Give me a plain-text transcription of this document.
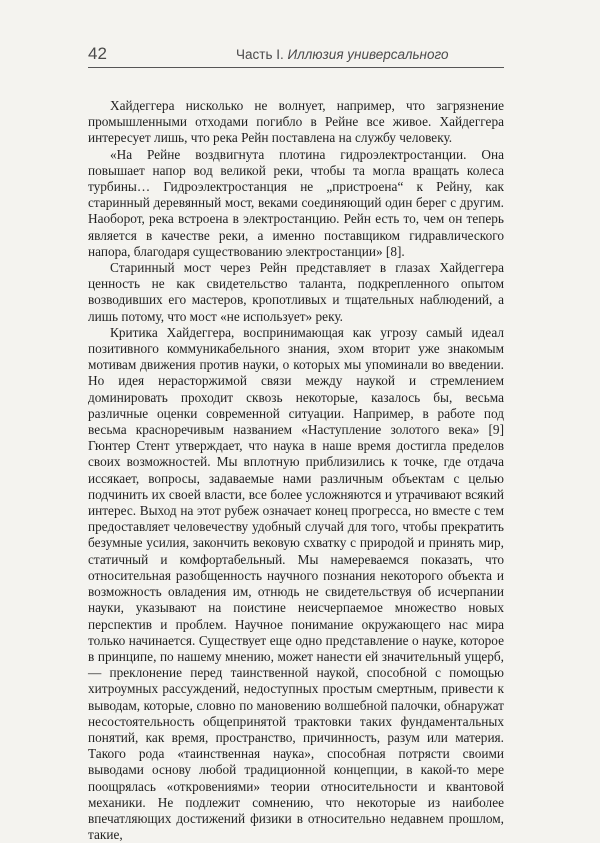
42	Часть I. Иллюзия универсального

Хайдеггера нисколько не волнует, например, что загрязнение промышленными отходами погибло в Рейне все живое. Хайдеггера интересует лишь, что река Рейн поставлена на службу человеку.

«На Рейне воздвигнута плотина гидроэлектростанции. Она повышает напор вод великой реки, чтобы та могла вращать колеса турбины… Гидроэлектростанция не „пристроена“ к Рейну, как старинный деревянный мост, веками соединяющий один берег с другим. Наоборот, река встроена в электростанцию. Рейн есть то, чем он теперь является в качестве реки, а именно поставщиком гидравлического напора, благодаря существованию электростанции» [8].

Старинный мост через Рейн представляет в глазах Хайдеггера ценность не как свидетельство таланта, подкрепленного опытом возводивших его мастеров, кропотливых и тщательных наблюдений, а лишь потому, что мост «не использует» реку.

Критика Хайдеггера, воспринимающая как угрозу самый идеал позитивного коммуникабельного знания, эхом вторит уже знакомым мотивам движения против науки, о которых мы упоминали во введении. Но идея нерасторжимой связи между наукой и стремлением доминировать проходит сквозь некоторые, казалось бы, весьма различные оценки современной ситуации. Например, в работе под весьма красноречивым названием «Наступление золотого века» [9] Гюнтер Стент утверждает, что наука в наше время достигла пределов своих возможностей. Мы вплотную приблизились к точке, где отдача иссякает, вопросы, задаваемые нами различным объектам с целью подчинить их своей власти, все более усложняются и утрачивают всякий интерес. Выход на этот рубеж означает конец прогресса, но вместе с тем предоставляет человечеству удобный случай для того, чтобы прекратить безумные усилия, закончить вековую схватку с природой и принять мир, статичный и комфортабельный. Мы намереваемся показать, что относительная разобщенность научного познания некоторого объекта и возможность овладения им, отнюдь не свидетельствуя об исчерпании науки, указывают на поистине неисчерпаемое множество новых перспектив и проблем. Научное понимание окружающего нас мира только начинается. Существует еще одно представление о науке, которое в принципе, по нашему мнению, может нанести ей значительный ущерб, — преклонение перед таинственной наукой, способной с помощью хитроумных рассуждений, недоступных простым смертным, привести к выводам, которые, словно по мановению волшебной палочки, обнаружат несостоятельность общепринятой трактовки таких фундаментальных понятий, как время, пространство, причинность, разум или материя. Такого рода «таинственная наука», способная потрясти своими выводами основу любой традиционной концепции, в какой-то мере поощрялась «откровениями» теории относительности и квантовой механики. Не подлежит сомнению, что некоторые из наиболее впечатляющих достижений физики в относительно недавнем прошлом, такие,
